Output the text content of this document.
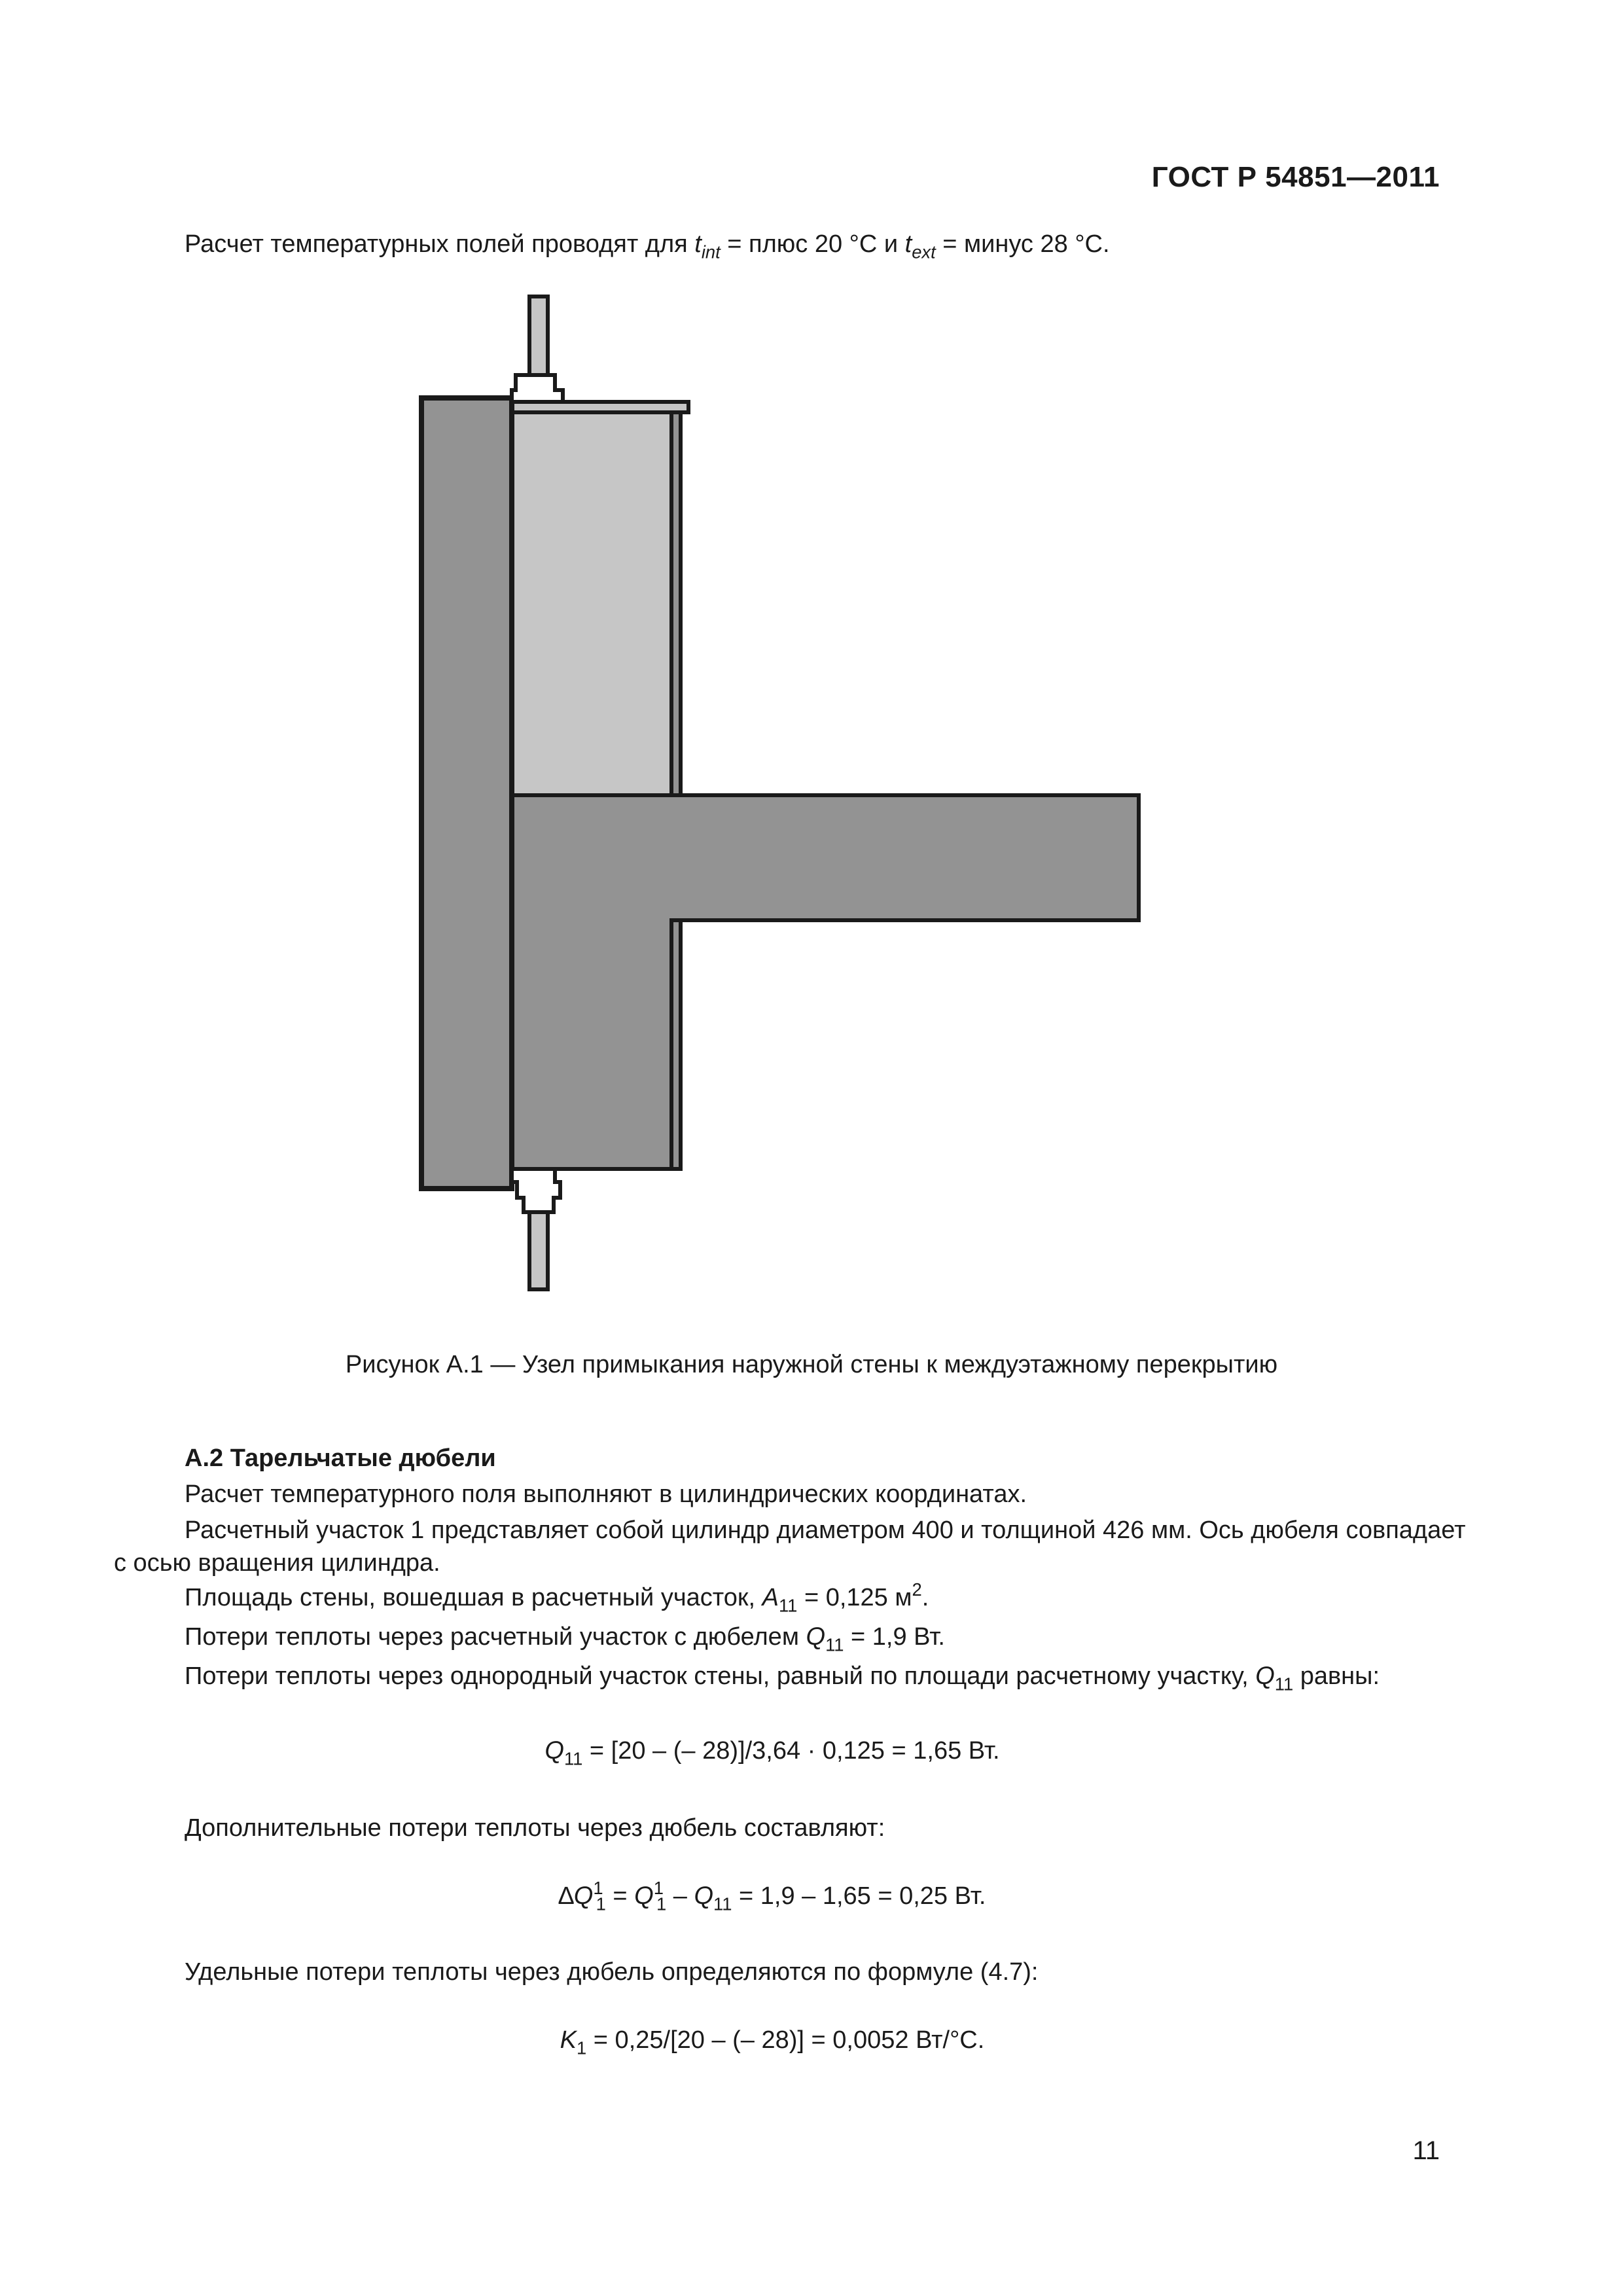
ГОСТ Р 54851—2011
Расчет температурных полей проводят для $t_{int}$ = плюс 20 °С и $t_{ext}$ = минус 28 °С.
Рисунок А.1 — Узел примыкания наружной стены к междуэтажному перекрытию
А.2 Тарельчатые дюбели
Расчет температурного поля выполняют в цилиндрических координатах.
Расчетный участок 1 представляет собой цилиндр диаметром 400 и толщиной 426 мм. Ось дюбеля совпадает
с осью вращения цилиндра.
Площадь стены, вошедшая в расчетный участок, $A_{11} = 0,125$ $м^2$.
Потери теплоты через расчетный участок с дюбелем $Q_{11} = 1,9$ Вт.
Потери теплоты через однородный участок стены, равный по площади расчетному участку, $Q_{11}$ равны:
$Q_{11} = [20$ – (– 28)]/3,64 · 0,125 = 1,65 Вт.
Дополнительные потери теплоты через дюбель составляют:
$\Delta Q^1_1 = Q^1_1 - Q_{11} = 1,9 - 1,65 = 0,25$ Вт.
Удельные потери теплоты через дюбель определяются по формуле (4.7):
$K_1 = 0,25/[20$ – (– 28)] = 0,0052 Вт/°С.
11
